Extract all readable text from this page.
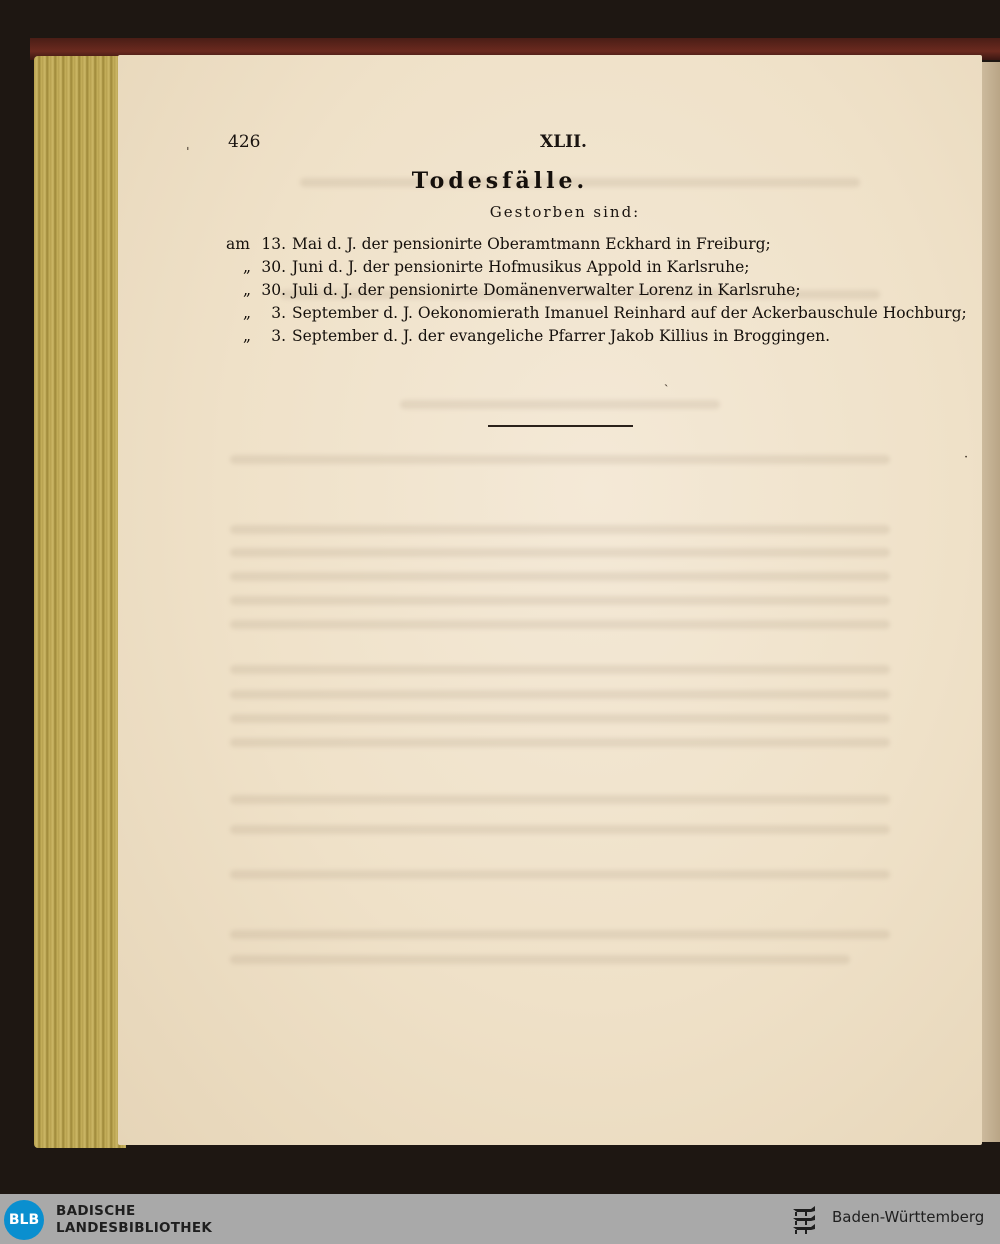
426	XLII.
Todesfälle.
Gestorben sind:
am 13. Mai d. J. der pensionirte Oberamtmann Eckhard in Freiburg;
„ 30. Juni d. J. der pensionirte Hofmusikus Appold in Karlsruhe;
„ 30. Juli d. J. der pensionirte Domänenverwalter Lorenz in Karlsruhe;
„	3. September d. J. Oekonomierath Imanuel Reinhard auf der Ackerbauschule Hochburg;
„	3. September d. J. der evangeliche Pfarrer Jakob Killius in Broggingen.
ˈ
·
ˏ
BLB
BADISCHE
LANDESBIBLIOTHEK
Baden-Württemberg
